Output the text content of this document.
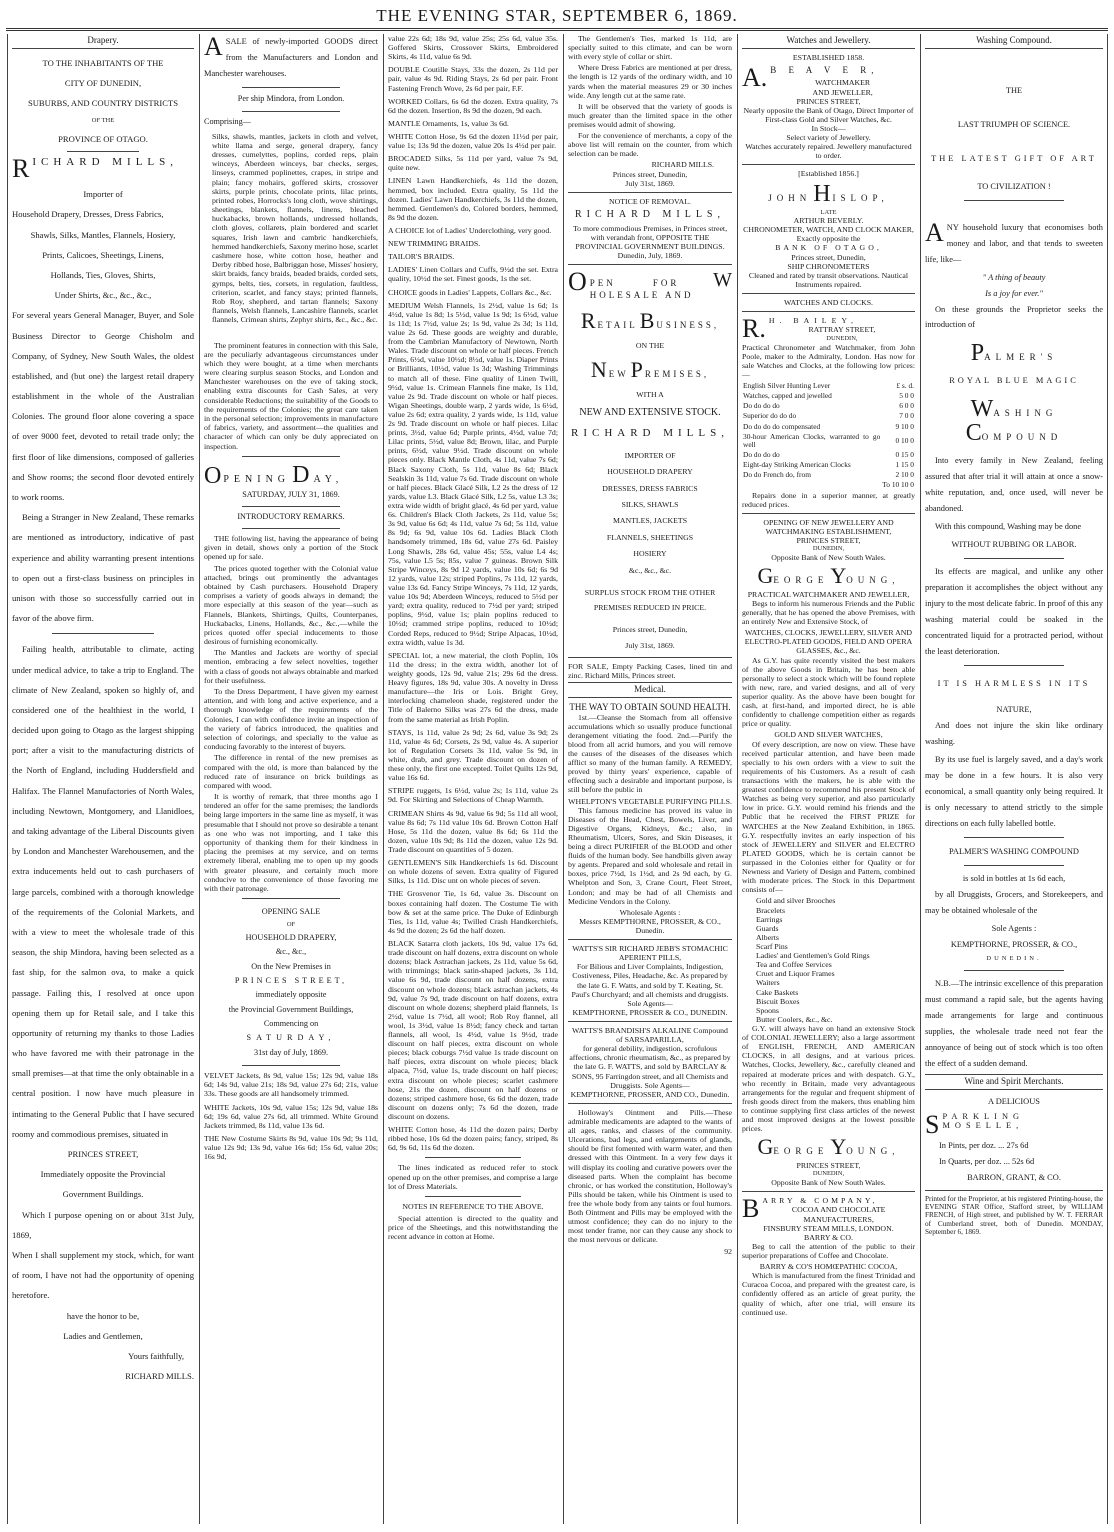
THE EVENING STAR, SEPTEMBER 6, 1869.
Drapery.
TO THE INHABITANTS OF THE
CITY OF DUNEDIN,
SUBURBS, AND COUNTRY DISTRICTS
OF THE
PROVINCE OF OTAGO.
R ICHARD MILLS,
Importer of
Household Drapery, Dresses, Dress Fabrics,
Shawls, Silks, Mantles, Flannels, Hosiery,
Prints, Calicoes, Sheetings, Linens,
Hollands, Ties, Gloves, Shirts,
Under Shirts, &c., &c., &c.,
For several years General Manager, Buyer, and Sole Business Director to George Chisholm and Company, of Sydney, New South Wales, the oldest established, and (but one) the largest retail drapery establishment in the whole of the Australian Colonies. The ground floor alone covering a space of over 9000 feet, devoted to retail trade only; the first floor of like dimensions, composed of galleries and Show rooms; the second floor devoted entirely to work rooms.
Being a Stranger in New Zealand, These remarks are mentioned as introductory, indicative of past experience and ability warranting present intentions to open out a first-class business on principles in unison with those so successfully carried out in favor of the above firm.
Failing health, attributable to climate, acting under medical advice, to take a trip to England. The climate of New Zealand, spoken so highly of, and considered one of the healthiest in the world, I decided upon going to Otago as the largest shipping port; after a visit to the manufacturing districts of the North of England, including Huddersfield and Halifax. The Flannel Manufactories of North Wales, including Newtown, Montgomery, and Llanidloes, and taking advantage of the Liberal Discounts given by London and Manchester Warehousemen, and the extra inducements held out to cash purchasers of large parcels, combined with a thorough knowledge of the requirements of the Colonial Markets, and with a view to meet the wholesale trade of this season, the ship Mindora, having been selected as a fast ship, for the salmon ova, to make a quick passage. Failing this, I resolved at once upon opening them up for Retail sale, and I take this opportunity of returning my thanks to those Ladies who have favored me with their patronage in the small premises—at that time the only obtainable in a central position. I now have much pleasure in intimating to the General Public that I have secured roomy and commodious premises, situated in
PRINCES STREET,
Immediately opposite the Provincial
Government Buildings.
Which I purpose opening on or about 31st July, 1869,
When I shall supplement my stock, which, for want of room, I have not had the opportunity of opening heretofore.
have the honor to be,
Ladies and Gentlemen,
Yours faithfully,
RICHARD MILLS.
ASALE of newly-imported GOODS direct from the Manufacturers and London and Manchester warehouses.
Per ship Mindora, from London.
Comprising—
Silks, shawls, mantles, jackets in cloth and velvet, white llama and serge, general drapery, fancy dresses, cumelyttes, poplins, corded reps, plain winceys, Aberdeen winceys, bar checks, serges, linseys, crammed poplinettes, crapes, in stripe and plain; fancy mohairs, goffered skirts, crossover skirts, purple prints, chocolate prints, lilac prints, printed robes, Horrocks's long cloth, wove shirtings, sheetings, blankets, flannels, linens, bleached huckabacks, brown hollands, undressed hollands, cloth gloves, collarets, plain bordered and scarlet squares, Irish lawn and cambric handkerchiefs, hemmed handkerchiefs, Saxony merino hose, scarlet cashmere hose, white cotton hose, heather and Derby ribbed hose, Balbriggan hose, Misses' hosiery, skirt braids, fancy braids, beaded braids, corded sets, gymps, belts, ties, corsets, in regulation, faultless, criterion, scarlet, and fancy stays; printed flannels, Rob Roy, shepherd, and tartan flannels; Saxony flannels, Welsh flannels, Lancashire flannels, scarlet flannels, Crimean shirts, Zephyr shirts, &c., &c., &c.
The prominent features in connection with this Sale, are the peculiarly advantageous circumstances under which they were bought, at a time when merchants were clearing surplus season Stocks, and London and Manchester warehouses on the eve of taking stock, enabling extra discounts for Cash Sales, at very considerable Reductions; the suitability of the Goods to the requirements of the Colonies; the great care taken in the personal selection; improvements in manufacture of fabrics, variety, and assortment—the qualities and character of which can only be duly appreciated on inspection.
O PENING D AY,
SATURDAY, JULY 31, 1869.
INTRODUCTORY REMARKS.
THE following list, having the appearance of being given in detail, shows only a portion of the Stock opened up for sale.
The prices quoted together with the Colonial value attached, brings out prominently the advantages obtained by Cash purchasers. Household Drapery comprises a variety of goods always in demand; the more especially at this season of the year—such as Flannels, Blankets, Shirtings, Quilts, Counterpanes, Huckabacks, Linens, Hollands, &c., &c.,—while the prices quoted offer special inducements to those desirous of furnishing economically.
The Mantles and Jackets are worthy of special mention, embracing a few select novelties, together with a class of goods not always obtainable and marked for their usefulness.
To the Dress Department, I have given my earnest attention, and with long and active experience, and a thorough knowledge of the requirements of the Colonies, I can with confidence invite an inspection of the variety of fabrics introduced, the qualities and selection of colorings, and specially to the value as conducing favorably to the interest of buyers.
The difference in rental of the new premises as compared with the old, is more than balanced by the reduced rate of insurance on brick buildings as compared with wood.
It is worthy of remark, that three months ago I tendered an offer for the same premises; the landlords being large importers in the same line as myself, it was presumable that I should not prove so desirable a tenant as one who was not importing, and I take this opportunity of thanking them for their kindness in placing the premises at my service, and on terms extremely liberal, enabling me to open up my goods with greater pleasure, and certainly much more conducive to the convenience of those favoring me with their patronage.
OPENING SALE
OF
HOUSEHOLD DRAPERY,
&c., &c.,
On the New Premises in
PRINCES STREET,
immediately opposite
the Provincial Government Buildings,
Commencing on
SATURDAY,
31st day of July, 1869.
VELVET Jackets, 8s 9d, value 15s; 12s 9d, value 18s 6d; 14s 9d, value 21s; 18s 9d, value 27s 6d; 21s, value 33s. These goods are all handsomely trimmed.
WHITE Jackets, 10s 9d, value 15s; 12s 9d, value 18s 6d; 19s 6d, value 27s 6d, all trimmed. White Ground Jackets trimmed, 8s 11d, value 13s 6d.
THE New Costume Skirts 8s 9d, value 10s 9d; 9s 11d, value 12s 9d; 13s 9d, value 16s 6d; 15s 6d, value 20s; 16s 9d,
value 22s 6d; 18s 9d, value 25s; 25s 6d, value 35s. Goffered Skirts, Crossover Skirts, Embroidered Skirts, 4s 11d, value 6s 9d.
DOUBLE Coutille Stays, 33s the dozen, 2s 11d per pair, value 4s 9d. Riding Stays, 2s 6d per pair. Front Fastening French Wove, 2s 6d per pair, F.F.
WORKED Collars, 6s 6d the dozen. Extra quality, 7s 6d the dozen. Insertion, 8s 9d the dozen, 9d each.
MANTLE Ornaments, 1s, value 3s 6d.
WHITE Cotton Hose, 9s 6d the dozen 11½d per pair, value 1s; 13s 9d the dozen, value 20s 1s 4½d per pair.
BROCADED Silks, 5s 11d per yard, value 7s 9d, quite new.
LINEN Lawn Handkerchiefs, 4s 11d the dozen, hemmed, box included. Extra quality, 5s 11d the dozen. Ladies' Lawn Handkerchiefs, 3s 11d the dozen, hemmed. Gentlemen's do, Colored borders, hemmed, 8s 9d the dozen.
A CHOICE lot of Ladies' Underclothing, very good.
NEW TRIMMING BRAIDS.
TAILOR'S BRAIDS.
LADIES' Linen Collars and Cuffs, 9½d the set. Extra quality, 10½d the set. Finest goods, 1s the set.
CHOICE goods in Ladies' Lappets, Collars &c., &c.
MEDIUM Welsh Flannels, 1s 2½d, value 1s 6d; 1s 4½d, value 1s 8d; 1s 5½d, value 1s 9d; 1s 6½d, value 1s 11d; 1s 7½d, value 2s; 1s 9d, value 2s 3d; 1s 11d, value 2s 6d. These goods are weighty and durable, from the Cambrian Manufactory of Newtown, North Wales. Trade discount on whole or half pieces. French Prints, 6½d, value 10½d; 8½d, value 1s. Diaper Prints or Brilliants, 10½d, value 1s 3d; Washing Trimmings to match all of these. Fine quality of Linen Twill, 9½d, value 1s. Crimean Flannels fine make, 1s 11d, value 2s 9d. Trade discount on whole or half pieces. Wigan Sheetings, double warp, 2 yards wide, 1s 6½d, value 2s 6d; extra quality, 2 yards wide, 1s 11d, value 2s 9d. Trade discount on whole or half pieces. Lilac prints, 3½d, value 6d; Purple prints, 4½d, value 7d; Lilac prints, 5½d, value 8d; Brown, lilac, and Purple prints, 6½d, value 9½d. Trade discount on whole pieces only. Black Mantle Cloth, 4s 11d, value 7s 6d; Black Saxony Cloth, 5s 11d, value 8s 6d; Black Sealskin 3s 11d, value 7s 6d. Trade discount on whole or half pieces. Black Glacé Silk, L2 2s the dress of 12 yards, value L3. Black Glacé Silk, L2 5s, value L3 3s; extra wide width of bright glacé, 4s 6d per yard, value 6s. Children's Black Cloth Jackets, 2s 11d, value 5s; 3s 9d, value 6s 6d; 4s 11d, value 7s 6d; 5s 11d, value 8s 9d; 6s 9d, value 10s 6d. Ladies Black Cloth handsomely trimmed, 18s 6d, value 27s 6d. Paisley Long Shawls, 28s 6d, value 45s; 55s, value L4 4s; 75s, value L5 5s; 85s, value 7 guineas. Brown Silk Stripe Winceys, 8s 9d 12 yards, value 10s 6d; 6s 9d 12 yards, value 12s; striped Poplins, 7s 11d, 12 yards, value 13s 6d. Fancy Stripe Winceys, 7s 11d, 12 yards, value 10s 9d; Aberdeen Winceys, reduced to 5½d per yard; extra quality, reduced to 7½d per yard; striped poplins, 9½d, value 1s; plain poplins reduced to 10½d; crammed stripe poplins, reduced to 10½d; Corded Reps, reduced to 9½d; Stripe Alpacas, 10½d, extra width, value 1s 3d.
SPECIAL lot, a new material, the cloth Poplin, 10s 11d the dress; in the extra width, another lot of weighty goods, 12s 9d, value 21s; 29s 6d the dress. Heavy figures, 18s 9d, value 30s. A novelty in Dress manufacture—the Iris or Lois. Bright Grey, interlocking chameleon shade, registered under the Title of Balerno Silks was 27s 6d the dress, made from the same material as Irish Poplin.
STAYS, 1s 11d, value 2s 9d; 2s 6d, value 3s 9d; 2s 11d, value 4s 6d; Corsets, 2s 9d, value 4s. A superior lot of Regulation Corsets 3s 11d, value 5s 9d, in white, drab, and grey. Trade discount on dozen of these only, the first one excepted. Toilet Quilts 12s 9d, value 16s 6d.
STRIPE ruggets, 1s 6½d, value 2s; 1s 11d, value 2s 9d. For Skirting and Selections of Cheap Warmth.
CRIMEAN Shirts 4s 9d, value 6s 9d; 5s 11d all wool, value 8s 6d; 7s 11d value 10s 6d. Brown Cotton Half Hose, 5s 11d the dozen, value 8s 6d; 6s 11d the dozen, value 10s 9d; 8s 11d the dozen, value 12s 9d. Trade discount on quantities of 5 dozen.
GENTLEMEN'S Silk Handkerchiefs 1s 6d. Discount on whole dozens of seven. Extra quality of Figured Silks, 1s 11d. Disc unt on whole pieces of seven.
THE Grosvenor Tie, 1s 6d, value 3s. Discount on boxes containing half dozen. The Costume Tie with bow & set at the same price. The Duke of Edinburgh Ties, 1s 11d, value 4s; Twilled Crash Handkerchiefs, 4s 9d the dozen; 2s 6d the half dozen.
BLACK Satarra cloth jackets, 10s 9d, value 17s 6d, trade discount on half dozens, extra discount on whole dozens; black Astrachan jackets, 2s 11d, value 5s 6d, with trimmings; black satin-shaped jackets, 3s 11d, value 6s 9d, trade discount on half dozens, extra discount on whole dozens; black astrachan jackets, 4s 9d, value 7s 9d, trade discount on half dozens, extra discount on whole dozens; shepherd plaid flannels, 1s 2½d, value 1s 7½d, all wool; Rob Roy flannel, all wool, 1s 3½d, value 1s 8½d; fancy check and tartan flannels, all wool, 1s 4½d, value 1s 9½d, trade discount on half pieces, extra discount on whole pieces; black coburgs 7½d value 1s trade discount on half pieces, extra discount on whole pieces; black alpaca, 7½d, value 1s, trade discount on half pieces; extra discount on whole pieces; scarlet cashmere hose, 21s the dozen, discount on half dozens or dozens; striped cashmere hose, 6s 6d the dozen, trade discount on dozens only; 7s 6d the dozen, trade discount on dozens.
WHITE Cotton hose, 4s 11d the dozen pairs; Derby ribbed hose, 10s 6d the dozen pairs; fancy, striped, 8s 6d, 9s 6d, 11s 6d the dozen.
The lines indicated as reduced refer to stock opened up on the other premises, and comprise a large lot of Dress Materials.
NOTES IN REFERENCE TO THE ABOVE.
Special attention is directed to the quality and price of the Sheetings, and this notwithstanding the recent advance in cotton at Home.
The Gentlemen's Ties, marked 1s 11d, are specially suited to this climate, and can be worn with every style of collar or shirt.
Where Dress Fabrics are mentioned at per dress, the length is 12 yards of the ordinary width, and 10 yards when the material measures 29 or 30 inches wide. Any length cut at the same rate.
It will be observed that the variety of goods is much greater than the limited space in the other premises would admit of showing.
For the convenience of merchants, a copy of the above list will remain on the counter, from which selection can be made.
RICHARD MILLS.
Princes street, Dunedin,
July 31st, 1869.
NOTICE OF REMOVAL.
RICHARD MILLS,
To more commodious Premises, in Princes street, with verandah front, OPPOSITE THE PROVINCIAL GOVERNMENT BUILDINGS. Dunedin, July, 1869.
O PEN FOR W HOLESALE AND
R ETAIL B USINESS,
ON THE
N EW P REMISES,
WITH A
NEW AND EXTENSIVE STOCK.
RICHARD MILLS,
IMPORTER OF
HOUSEHOLD DRAPERY
DRESSES, DRESS FABRICS
SILKS, SHAWLS
MANTLES, JACKETS
FLANNELS, SHEETINGS
HOSIERY
&c., &c., &c.
SURPLUS STOCK FROM THE OTHER PREMISES REDUCED IN PRICE.
Princes street, Dunedin,
July 31st, 1869.
FOR SALE, Empty Packing Cases, lined tin and zinc. Richard Mills, Princes street.
Medical.
THE WAY TO OBTAIN SOUND HEALTH.
1st.—Cleanse the Stomach from all offensive accumulations which so usually produce functional derangement vitiating the food. 2nd.—Purify the blood from all acrid humors, and you will remove the causes of the diseases of the diseases which afflict so many of the human family. A REMEDY, proved by thirty years' experience, capable of effecting such a desirable and important purpose, is still before the public in
WHELPTON'S VEGETABLE PURIFYING PILLS.
This famous medicine has proved its value in Diseases of the Head, Chest, Bowels, Liver, and Digestive Organs, Kidneys, &c.; also, in Rheumatism, Ulcers, Sores, and Skin Diseases, it being a direct PURIFIER of the BLOOD and other fluids of the human body. See handbills given away by agents. Prepared and sold wholesale and retail in boxes, price 7½d, 1s 1½d, and 2s 9d each, by G. Whelpton and Son, 3, Crane Court, Fleet Street, London; and may be had of all Chemists and Medicine Vendors in the Colony.
Wholesale Agents :
Messrs KEMPTHORNE, PROSSER, & CO., Dunedin.
WATTS'S SIR RICHARD JEBB'S STOMACHIC APERIENT PILLS,
For Bilious and Liver Complaints, Indigestion, Costiveness, Piles, Headache, &c. As prepared by the late G. F. Watts, and sold by T. Keating, St. Paul's Churchyard; and all chemists and druggists. Sole Agents—
KEMPTHORNE, PROSSER & CO., DUNEDIN.
WATTS'S BRANDISH'S ALKALINE Compound of SARSAPARILLA,
for general debility, indigestion, scrofulous affections, chronic rheumatism, &c., as prepared by the late G. F. WATTS, and sold by BARCLAY & SONS, 95 Farringdon street, and all Chemists and Druggists. Sole Agents—
KEMPTHORNE, PROSSER, AND CO., Dunedin.
Holloway's Ointment and Pills.—These admirable medicaments are adapted to the wants of all ages, ranks, and classes of the community. Ulcerations, bad legs, and enlargements of glands, should be first fomented with warm water, and then dressed with this Ointment. In a very few days it will display its cooling and curative powers over the diseased parts. When the complaint has become chronic, or has worked the constitution, Holloway's Pills should be taken, while his Ointment is used to free the whole body from any taints or foul humors. Both Ointment and Pills may be employed with the utmost confidence; they can do no injury to the most tender frame, nor can they cause any shock to the most nervous or delicate.
92
Watches and Jewellery.
ESTABLISHED 1858.
A. B E A V E R,
WATCHMAKER
AND JEWELLER,
PRINCES STREET,
Nearly opposite the Bank of Otago, Direct Importer of First-class Gold and Silver Watches, &c.
In Stock—
Select variety of Jewellery.
Watches accurately repaired. Jewellery manufactured to order.
[Established 1856.]
JOHN H ISLOP,
LATE
ARTHUR BEVERLY.
CHRONOMETER, WATCH, AND CLOCK MAKER,
Exactly opposite the
BANK OF OTAGO,
Princes street, Dunedin,
SHIP CHRONOMETERS
Cleaned and rated by transit observations. Nautical Instruments repaired.
WATCHES AND CLOCKS.
R. H. BAILEY,
RATTRAY STREET,
DUNEDIN,
Practical Chronometer and Watchmaker, from John Poole, maker to the Admiralty, London. Has now for sale Watches and Clocks, at the following low prices:—
English Silver Hunting Lever	£ s. d.
Watches, capped and jewelled	5 0 0
Do do do do	6 0 0
Superior do do do	7 0 0
Do do do do compensated	9 10 0
30-hour American Clocks, warranted to go well	0 10 0
Do do do do	0 15 0
Eight-day Striking American Clocks	1 15 0
Do do French do, from	2 10 0
	To 10 10 0
Repairs done in a superior manner, at greatly reduced prices.
OPENING OF NEW JEWELLERY AND WATCHMAKING ESTABLISHMENT,
PRINCES STREET,
DUNEDIN,
Opposite Bank of New South Wales.
GEORGE YOUNG,
PRACTICAL WATCHMAKER AND JEWELLER,
Begs to inform his numerous Friends and the Public generally, that he has opened the above Premises, with an entirely New and Extensive Stock, of
WATCHES, CLOCKS, JEWELLERY, SILVER AND ELECTRO-PLATED GOODS, FIELD AND OPERA GLASSES, &c., &c.
As G.Y. has quite recently visited the best makers of the above Goods in Britain, he has been able personally to select a stock which will be found replete with new, rare, and varied designs, and all of very superior quality. As the above have been bought for cash, at first-hand, and imported direct, he is able confidently to challenge competition either as regards price or quality.
GOLD AND SILVER WATCHES,
Of every description, are now on view. These have received particular attention, and have been made specially to his own orders with a view to suit the requirements of his Customers. As a result of cash transactions with the makers, he is able with the greatest confidence to recommend his present Stock of Watches as being very superior, and also particularly low in price. G.Y. would remind his friends and the Public that he received the FIRST PRIZE for WATCHES at the New Zealand Exhibition, in 1865. G.Y. respectfully invites an early inspection of his stock of JEWELLERY and SILVER and ELECTRO PLATED GOODS, which he is certain cannot be surpassed in the Colonies either for Quality or for Newness and Variety of Design and Pattern, combined with moderate prices. The Stock in this Department consists of—
Gold and silver Brooches
Bracelets
Earrings
Guards
Alberts
Scarf Pins
Ladies' and Gentlemen's Gold Rings
Tea and Coffee Services
Cruet and Liquor Frames
Waiters
Cake Baskets
Biscuit Boxes
Spoons
Butter Coolers, &c., &c.
G.Y. will always have on hand an extensive Stock of COLONIAL JEWELLERY; also a large assortment of ENGLISH, FRENCH, AND AMERICAN CLOCKS, in all designs, and at various prices. Watches, Clocks, Jewellery, &c., carefully cleaned and repaired at moderate prices and with despatch. G.Y., who recently in Britain, made very advantageous arrangements for the regular and frequent shipment of fresh goods direct from the makers, thus enabling him to continue supplying first class articles of the newest and most improved designs at the lowest possible prices.
GEORGE YOUNG,
PRINCES STREET,
DUNEDIN,
Opposite Bank of New South Wales.
B ARRY & COMPANY,
COCOA AND CHOCOLATE MANUFACTURERS,
FINSBURY STEAM MILLS, LONDON.
BARRY & CO.
Beg to call the attention of the public to their superior preparations of Coffee and Chocolate.
BARRY & CO'S HOMŒPATHIC COCOA,
Which is manufactured from the finest Trinidad and Curacoa Cocoa, and prepared with the greatest care, is confidently offered as an article of great purity, the quality of which, after one trial, will ensure its continued use.
Washing Compound.
THE
LAST TRIUMPH OF SCIENCE.
THE LATEST GIFT OF ART
TO CIVILIZATION !
ANY household luxury that economises both money and labor, and that tends to sweeten life, like—
" A thing of beauty
Is a joy for ever."
On these grounds the Proprietor seeks the introduction of
PALMER'S
ROYAL BLUE MAGIC
WASHING COMPOUND
Into every family in New Zealand, feeling assured that after trial it will attain at once a snow-white reputation, and, once used, will never be abandoned.
With this compound, Washing may be done
WITHOUT RUBBING OR LABOR.
Its effects are magical, and unlike any other preparation it accomplishes the object without any injury to the most delicate fabric. In proof of this any washing material could be soaked in the concentrated liquid for a protracted period, without the least deterioration.
IT IS HARMLESS IN ITS
NATURE,
And does not injure the skin like ordinary washing.
By its use fuel is largely saved, and a day's work may be done in a few hours. It is also very economical, a small quantity only being required. It is only necessary to attend strictly to the simple directions on each fully labelled bottle.
PALMER'S WASHING COMPOUND
is sold in bottles at 1s 6d each,
by all Druggists, Grocers, and Storekeepers, and may be obtained wholesale of the
Sole Agents :
KEMPTHORNE, PROSSER, & CO.,
DUNEDIN.
N.B.—The intrinsic excellence of this preparation must command a rapid sale, but the agents having made arrangements for large and continuous supplies, the wholesale trade need not fear the annoyance of being out of stock which is too often the effect of a sudden demand.
Wine and Spirit Merchants.
A DELICIOUS
S PARKLING MOSELLE,
In Pints, per doz. ... 27s 6d
In Quarts, per doz. ... 52s 6d
BARRON, GRANT, & CO.
Printed for the Proprietor, at his registered Printing-house, the EVENING STAR Office, Stafford street, by WILLIAM FRENCH, of High street, and published by W. T. FERRAR of Cumberland street, both of Dunedin. MONDAY, September 6, 1869.
